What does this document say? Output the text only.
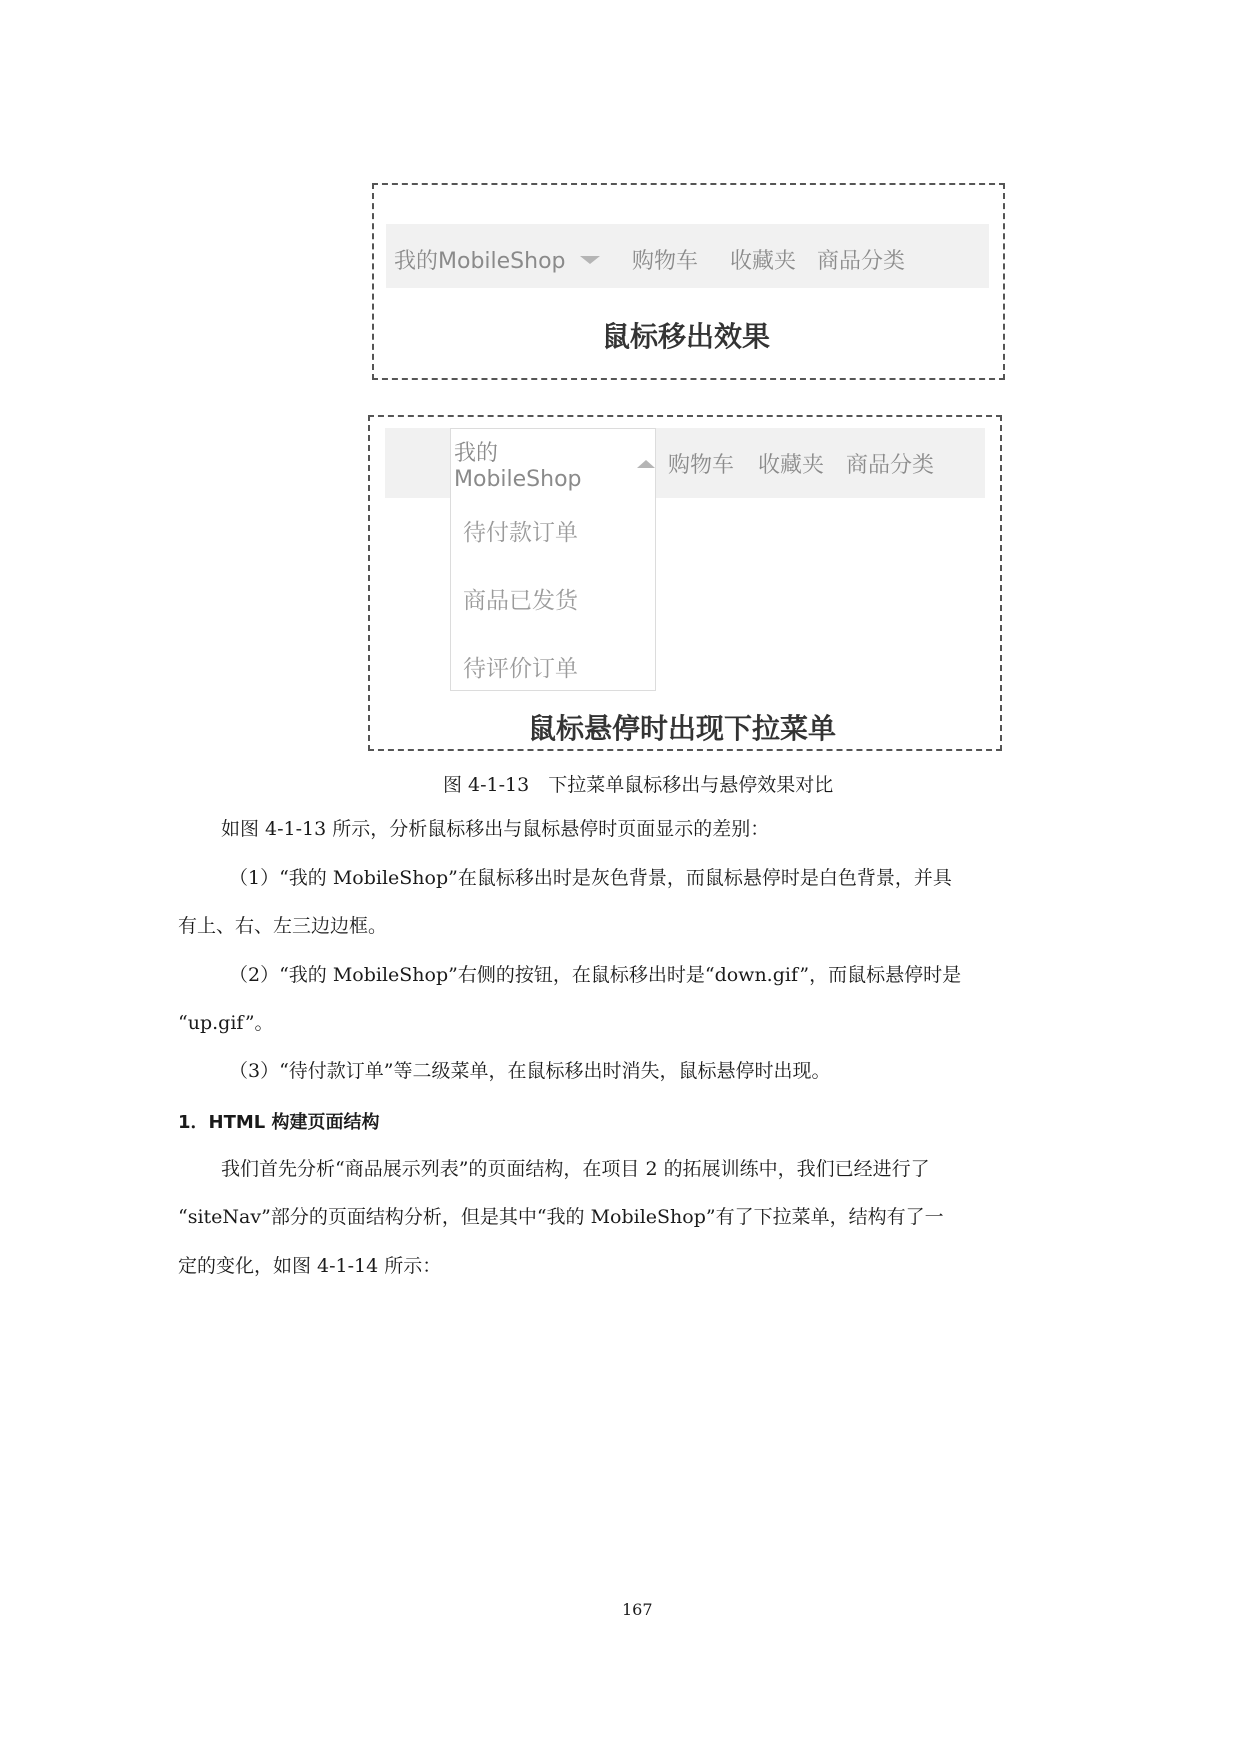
我的MobileShop	购物车 收藏夹 商品分类
鼠标移出效果
购物车 收藏夹 商品分类
我的MobileShop
待付款订单
商品已发货
待评价订单
鼠标悬停时出现下拉菜单
图 4-1-13　下拉菜单鼠标移出与悬停效果对比
如图 4-1-13 所示，分析鼠标移出与鼠标悬停时页面显示的差别：
（1）“我的 MobileShop”在鼠标移出时是灰色背景，而鼠标悬停时是白色背景，并具
有上、右、左三边边框。
（2）“我的 MobileShop”右侧的按钮，在鼠标移出时是“down.gif”，而鼠标悬停时是
“up.gif”。
（3）“待付款订单”等二级菜单，在鼠标移出时消失，鼠标悬停时出现。
1．HTML 构建页面结构
我们首先分析“商品展示列表”的页面结构，在项目 2 的拓展训练中，我们已经进行了
“siteNav”部分的页面结构分析，但是其中“我的 MobileShop”有了下拉菜单，结构有了一
定的变化，如图 4-1-14 所示：
167
